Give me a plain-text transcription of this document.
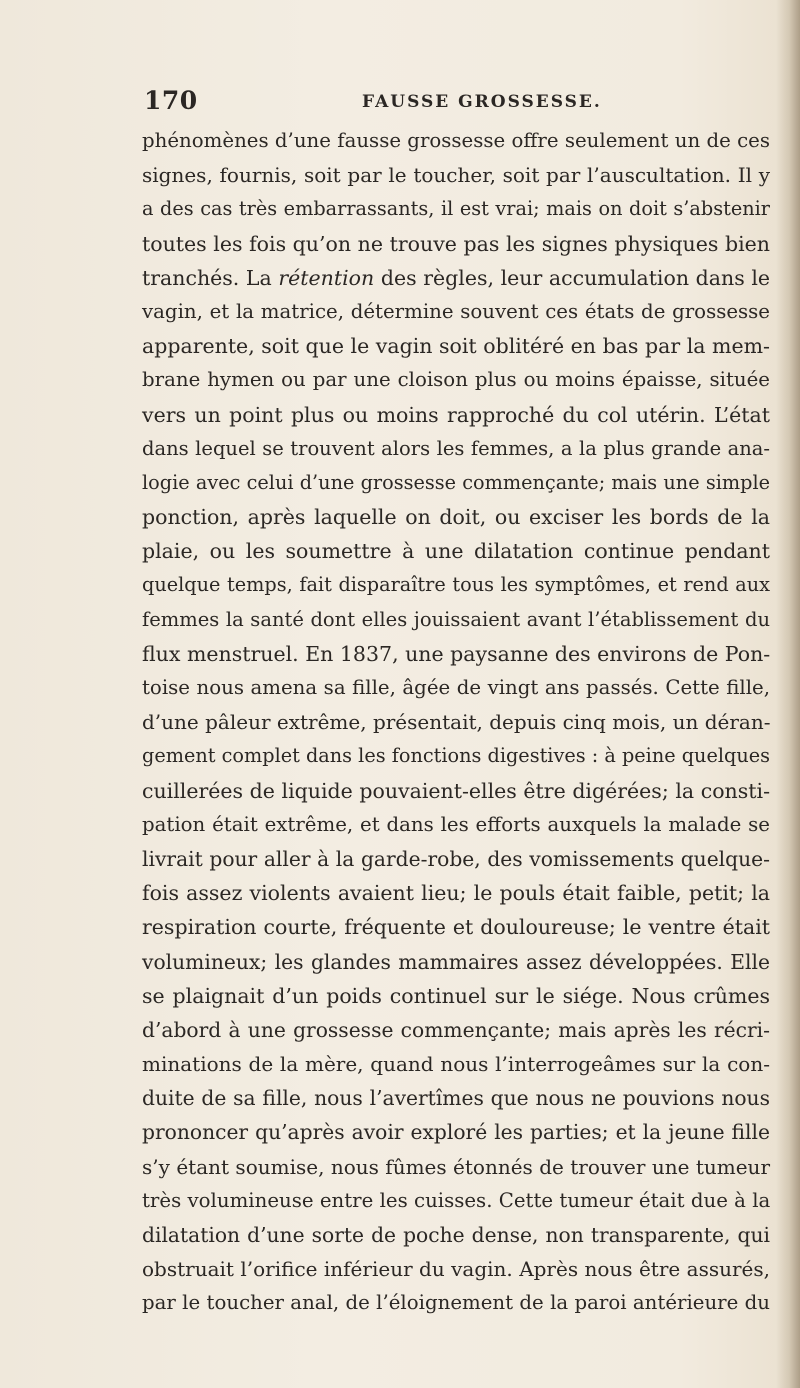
170	FAUSSE GROSSESSE.
phénomènes d’une fausse grossesse offre seulement un de ces
signes, fournis, soit par le toucher, soit par l’auscultation. Il y
a des cas très embarrassants, il est vrai; mais on doit s’abstenir
toutes les fois qu’on ne trouve pas les signes physiques bien
tranchés. La rétention des règles, leur accumulation dans le
vagin, et la matrice, détermine souvent ces états de grossesse
apparente, soit que le vagin soit oblitéré en bas par la mem-
brane hymen ou par une cloison plus ou moins épaisse, située
vers un point plus ou moins rapproché du col utérin. L’état
dans lequel se trouvent alors les femmes, a la plus grande ana-
logie avec celui d’une grossesse commençante; mais une simple
ponction, après laquelle on doit, ou exciser les bords de la
plaie, ou les soumettre à une dilatation continue pendant
quelque temps, fait disparaître tous les symptômes, et rend aux
femmes la santé dont elles jouissaient avant l’établissement du
flux menstruel. En 1837, une paysanne des environs de Pon-
toise nous amena sa fille, âgée de vingt ans passés. Cette fille,
d’une pâleur extrême, présentait, depuis cinq mois, un déran-
gement complet dans les fonctions digestives : à peine quelques
cuillerées de liquide pouvaient-elles être digérées; la consti-
pation était extrême, et dans les efforts auxquels la malade se
livrait pour aller à la garde-robe, des vomissements quelque-
fois assez violents avaient lieu; le pouls était faible, petit; la
respiration courte, fréquente et douloureuse; le ventre était
volumineux; les glandes mammaires assez développées. Elle
se plaignait d’un poids continuel sur le siége. Nous crûmes
d’abord à une grossesse commençante; mais après les récri-
minations de la mère, quand nous l’interrogeâmes sur la con-
duite de sa fille, nous l’avertîmes que nous ne pouvions nous
prononcer qu’après avoir exploré les parties; et la jeune fille
s’y étant soumise, nous fûmes étonnés de trouver une tumeur
très volumineuse entre les cuisses. Cette tumeur était due à la
dilatation d’une sorte de poche dense, non transparente, qui
obstruait l’orifice inférieur du vagin. Après nous être assurés,
par le toucher anal, de l’éloignement de la paroi antérieure du
